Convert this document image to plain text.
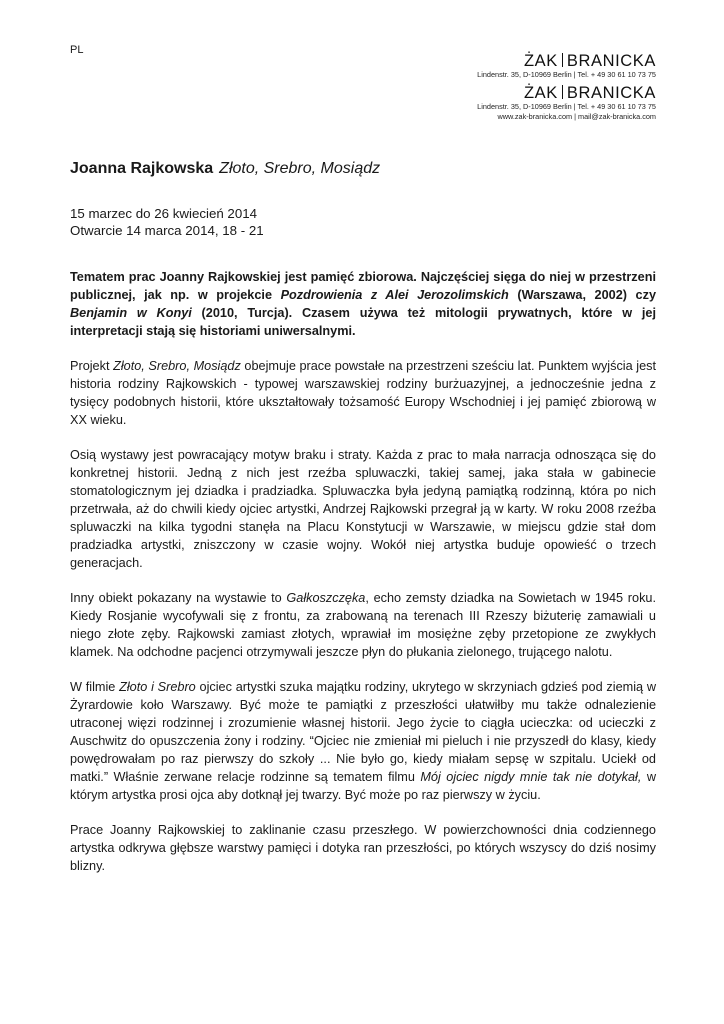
PL
ŻAK BRANICKA
Lindenstr. 35, D-10969 Berlin | Tel. + 49 30 61 10 73 75
ŻAK BRANICKA
Lindenstr. 35, D-10969 Berlin | Tel. + 49 30 61 10 73 75
www.zak-branicka.com | mail@zak-branicka.com
Joanna Rajkowska Złoto, Srebro, Mosiądz
15 marzec do 26 kwiecień 2014
Otwarcie 14 marca 2014, 18 - 21

Tematem prac Joanny Rajkowskiej jest pamięć zbiorowa. Najczęściej sięga do niej w przestrzeni publicznej, jak np. w projekcie Pozdrowienia z Alei Jerozolimskich (Warszawa, 2002) czy Benjamin w Konyi (2010, Turcja). Czasem używa też mitologii prywatnych, które w jej interpretacji stają się historiami uniwersalnymi.

Projekt Złoto, Srebro, Mosiądz obejmuje prace powstałe na przestrzeni sześciu lat. Punktem wyjścia jest historia rodziny Rajkowskich - typowej warszawskiej rodziny burżuazyjnej, a jednocześnie jedna z tysięcy podobnych historii, które ukształtowały tożsamość Europy Wschodniej i jej pamięć zbiorową w XX wieku.

Osią wystawy jest powracający motyw braku i straty. Każda z prac to mała narracja odnosząca się do konkretnej historii. Jedną z nich jest rzeźba spluwaczki, takiej samej, jaka stała w gabinecie stomatologicznym jej dziadka i pradziadka. Spluwaczka była jedyną pamiątką rodzinną, która po nich przetrwała, aż do chwili kiedy ojciec artystki, Andrzej Rajkowski przegrał ją w karty. W roku 2008 rzeźba spluwaczki na kilka tygodni stanęła na Placu Konstytucji w Warszawie, w miejscu gdzie stał dom pradziadka artystki, zniszczony w czasie wojny. Wokół niej artystka buduje opowieść o trzech generacjach.

Inny obiekt pokazany na wystawie to Gałkoszczęka, echo zemsty dziadka na Sowietach w 1945 roku. Kiedy Rosjanie wycofywali się z frontu, za zrabowaną na terenach III Rzeszy biżuterię zamawiali u niego złote zęby. Rajkowski zamiast złotych, wprawiał im mosiężne zęby przetopione ze zwykłych klamek. Na odchodne pacjenci otrzymywali jeszcze płyn do płukania zielonego, trującego nalotu.

W filmie Złoto i Srebro ojciec artystki szuka majątku rodziny, ukrytego w skrzyniach gdzieś pod ziemią w Żyrardowie koło Warszawy. Być może te pamiątki z przeszłości ułatwiłby mu także odnalezienie utraconej więzi rodzinnej i zrozumienie własnej historii. Jego życie to ciągła ucieczka: od ucieczki z Auschwitz do opuszczenia żony i rodziny. “Ojciec nie zmieniał mi pieluch i nie przyszedł do klasy, kiedy powędrowałam po raz pierwszy do szkoły ... Nie było go, kiedy miałam sepsę w szpitalu. Uciekł od matki.” Właśnie zerwane relacje rodzinne są tematem filmu Mój ojciec nigdy mnie tak nie dotykał, w którym artystka prosi ojca aby dotknął jej twarzy. Być może po raz pierwszy w życiu.

Prace Joanny Rajkowskiej to zaklinanie czasu przeszłego. W powierzchowności dnia codziennego artystka odkrywa głębsze warstwy pamięci i dotyka ran przeszłości, po których wszyscy do dziś nosimy blizny.
